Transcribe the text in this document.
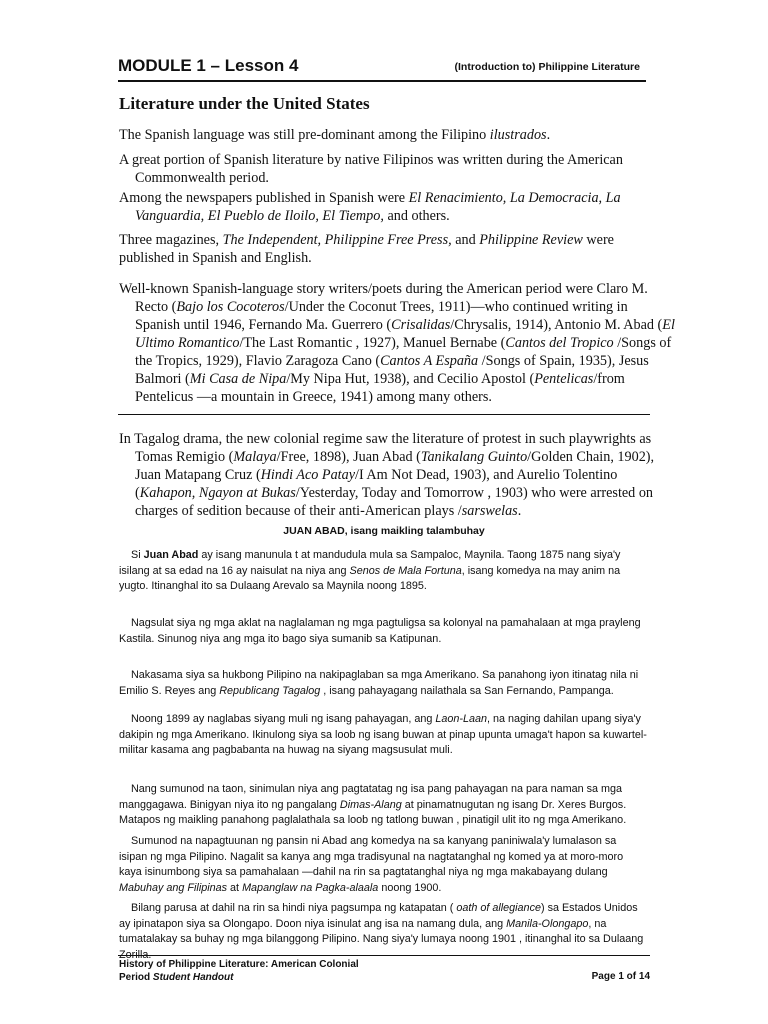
MODULE 1 – Lesson 4	(Introduction to) Philippine Literature
Literature under the United States

The Spanish language was still pre-dominant among the Filipino ilustrados.

A great portion of Spanish literature by native Filipinos was written during the American Commonwealth period.

Among the newspapers published in Spanish were El Renacimiento, La Democracia, La Vanguardia, El Pueblo de Iloilo, El Tiempo, and others.

Three magazines, The Independent, Philippine Free Press, and Philippine Review were published in Spanish and English.

Well-known Spanish-language story writers/poets during the American period were Claro M. Recto (Bajo los Cocoteros/Under the Coconut Trees, 1911)—who continued writing in Spanish until 1946, Fernando Ma. Guerrero (Crisalidas/Chrysalis, 1914), Antonio M. Abad (El Ultimo Romantico/The Last Romantic , 1927), Manuel Bernabe (Cantos del Tropico /Songs of the Tropics, 1929), Flavio Zaragoza Cano (Cantos A España /Songs of Spain, 1935), Jesus Balmori (Mi Casa de Nipa/My Nipa Hut, 1938), and Cecilio Apostol (Pentelicas/from Pentelicus —a mountain in Greece, 1941) among many others.

In Tagalog drama, the new colonial regime saw the literature of protest in such playwrights as Tomas Remigio (Malaya/Free, 1898), Juan Abad (Tanikalang Guinto/Golden Chain, 1902), Juan Matapang Cruz (Hindi Aco Patay/I Am Not Dead, 1903), and Aurelio Tolentino (Kahapon, Ngayon at Bukas/Yesterday, Today and Tomorrow , 1903) who were arrested on charges of sedition because of their anti-American plays /sarswelas.

JUAN ABAD, isang maikling talambuhay

Si Juan Abad ay isang manunula t at mandudula mula sa Sampaloc, Maynila. Taong 1875 nang siya'y isilang at sa edad na 16 ay naisulat na niya ang Senos de Mala Fortuna, isang komedya na may anim na yugto. Itinanghal ito sa Dulaang Arevalo sa Maynila noong 1895.

Nagsulat siya ng mga aklat na naglalaman ng mga pagtuligsa sa kolonyal na pamahalaan at mga prayleng Kastila. Sinunog niya ang mga ito bago siya sumanib sa Katipunan.

Nakasama siya sa hukbong Pilipino na nakipaglaban sa mga Amerikano. Sa panahong iyon itinatag nila ni Emilio S. Reyes ang Republicang Tagalog , isang pahayagang nailathala sa San Fernando, Pampanga.

Noong 1899 ay naglabas siyang muli ng isang pahayagan, ang Laon-Laan, na naging dahilan upang siya'y dakipin ng mga Amerikano. Ikinulong siya sa loob ng isang buwan at pinap upunta umaga't hapon sa kuwartel-militar kasama ang pagbabanta na huwag na siyang magsusulat muli.

Nang sumunod na taon, sinimulan niya ang pagtatatag ng isa pang pahayagan na para naman sa mga manggagawa. Binigyan niya ito ng pangalang Dimas-Alang at pinamatnugutan ng isang Dr. Xeres Burgos. Matapos ng maikling panahong paglalathala sa loob ng tatlong buwan , pinatigil ulit ito ng mga Amerikano.

Sumunod na napagtuunan ng pansin ni Abad ang komedya na sa kanyang paniniwala'y lumalason sa isipan ng mga Pilipino. Nagalit sa kanya ang mga tradisyunal na nagtatanghal ng komed ya at moro-moro kaya isinumbong siya sa pamahalaan —dahil na rin sa pagtatanghal niya ng mga makabayang dulang Mabuhay ang Filipinas at Mapanglaw na Pagka-alaala noong 1900.

Bilang parusa at dahil na rin sa hindi niya pagsumpa ng katapatan ( oath of allegiance) sa Estados Unidos ay ipinatapon siya sa Olongapo. Doon niya isinulat ang isa na namang dula, ang Manila-Olongapo, na tumatalakay sa buhay ng mga bilanggong Pilipino. Nang siya'y lumaya noong 1901 , itinanghal ito sa Dulaang Zorilla.

History of Philippine Literature: American Colonial
Period Student Handout	Page 1 of 14
